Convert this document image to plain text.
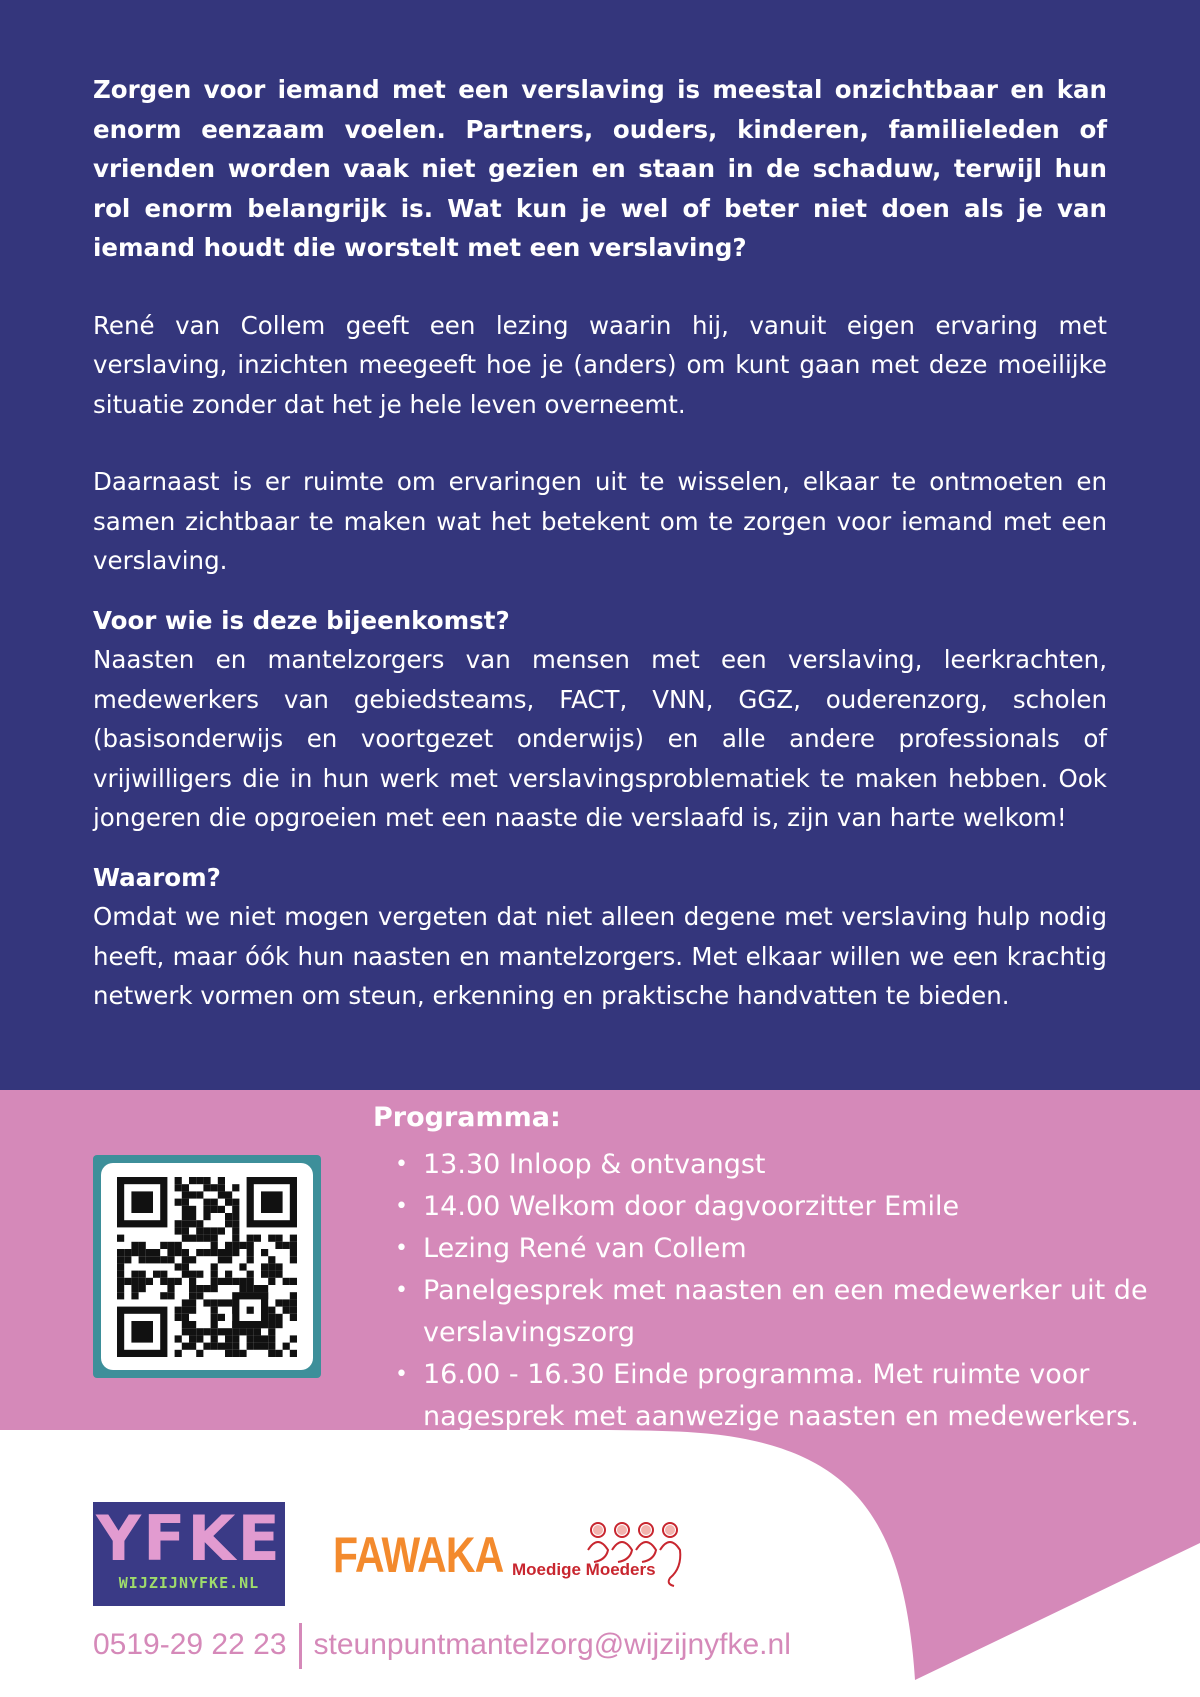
Zorgen voor iemand met een verslaving is meestal onzichtbaar en kan enorm eenzaam voelen. Partners, ouders, kinderen, familieleden of vrienden worden vaak niet gezien en staan in de schaduw, terwijl hun rol enorm belangrijk is. Wat kun je wel of beter niet doen als je van iemand houdt die worstelt met een verslaving?

René van Collem geeft een lezing waarin hij, vanuit eigen ervaring met verslaving, inzichten meegeeft hoe je (anders) om kunt gaan met deze moeilijke situatie zonder dat het je hele leven overneemt.

Daarnaast is er ruimte om ervaringen uit te wisselen, elkaar te ontmoeten en samen zichtbaar te maken wat het betekent om te zorgen voor iemand met een verslaving.

Voor wie is deze bijeenkomst?

Naasten en mantelzorgers van mensen met een verslaving, leerkrachten, medewerkers van gebiedsteams, FACT, VNN, GGZ, ouderenzorg, scholen (basisonderwijs en voortgezet onderwijs) en alle andere professionals of vrijwilligers die in hun werk met verslavingsproblematiek te maken hebben. Ook jongeren die opgroeien met een naaste die verslaafd is, zijn van harte welkom!

Waarom?

Omdat we niet mogen vergeten dat niet alleen degene met verslaving hulp nodig heeft, maar óók hun naasten en mantelzorgers. Met elkaar willen we een krachtig netwerk vormen om steun, erkenning en praktische handvatten te bieden.

Programma:
• 13.30 Inloop & ontvangst
• 14.00 Welkom door dagvoorzitter Emile
• Lezing René van Collem
• Panelgesprek met naasten en een medewerker uit de verslavingszorg
• 16.00 - 16.30 Einde programma. Met ruimte voor nagesprek met aanwezige naasten en medewerkers.
YFKE
WIJZIJNYFKE.NL	FAWAKA Moedige Moeders
0519-29 22 23 steunpuntmantelzorg@wijzijnyfke.nl
